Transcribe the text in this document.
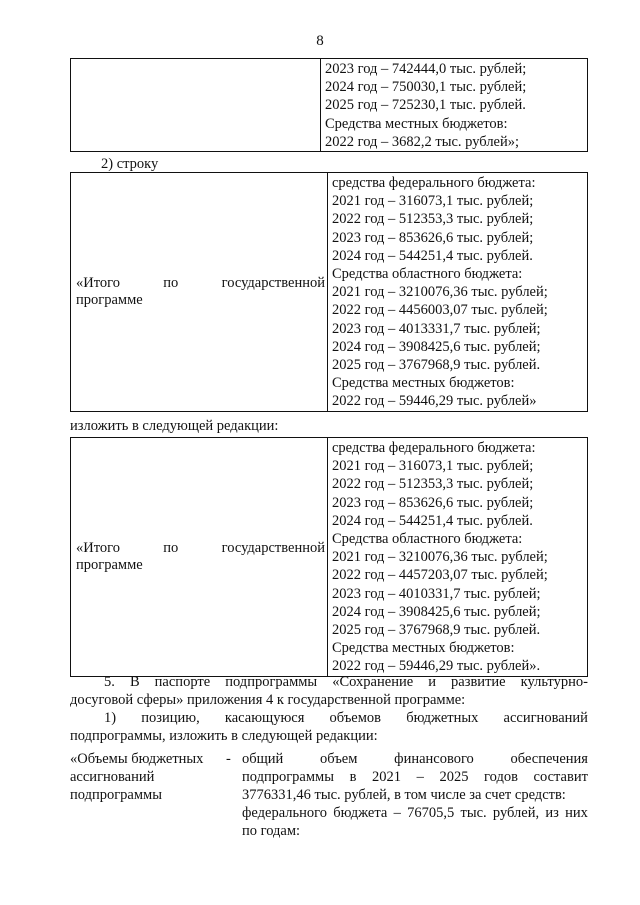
8

2023 год – 742444,0 тыс. рублей;
2024 год – 750030,1 тыс. рублей;
2025 год – 725230,1 тыс. рублей.
Средства местных бюджетов:
2022 год – 3682,2 тыс. рублей»;
2) строку
«Итого	по	государственной
программе

средства федерального бюджета:
2021 год – 316073,1 тыс. рублей;
2022 год – 512353,3 тыс. рублей;
2023 год – 853626,6 тыс. рублей;
2024 год – 544251,4 тыс. рублей.
Средства областного бюджета:
2021 год – 3210076,36 тыс. рублей;
2022 год – 4456003,07 тыс. рублей;
2023 год – 4013331,7 тыс. рублей;
2024 год – 3908425,6 тыс. рублей;
2025 год – 3767968,9 тыс. рублей.
Средства местных бюджетов:
2022 год – 59446,29 тыс. рублей»
изложить в следующей редакции:
«Итого	по	государственной
программе

средства федерального бюджета:
2021 год – 316073,1 тыс. рублей;
2022 год – 512353,3 тыс. рублей;
2023 год – 853626,6 тыс. рублей;
2024 год – 544251,4 тыс. рублей.
Средства областного бюджета:
2021 год – 3210076,36 тыс. рублей;
2022 год – 4457203,07 тыс. рублей;
2023 год – 4010331,7 тыс. рублей;
2024 год – 3908425,6 тыс. рублей;
2025 год – 3767968,9 тыс. рублей.
Средства местных бюджетов:
2022 год – 59446,29 тыс. рублей».
5. В паспорте подпрограммы «Сохранение и развитие культурно-
досуговой сферы» приложения 4 к государственной программе:
1) позицию, касающуюся объемов бюджетных ассигнований
подпрограммы, изложить в следующей редакции:
«Объемы бюджетных -
ассигнований
подпрограммы
общий	объем	финансового	обеспечения
подпрограммы в 2021 – 2025 годов составит
3776331,46 тыс. рублей, в том числе за счет средств:
федерального бюджета – 76705,5 тыс. рублей, из них
по годам:
